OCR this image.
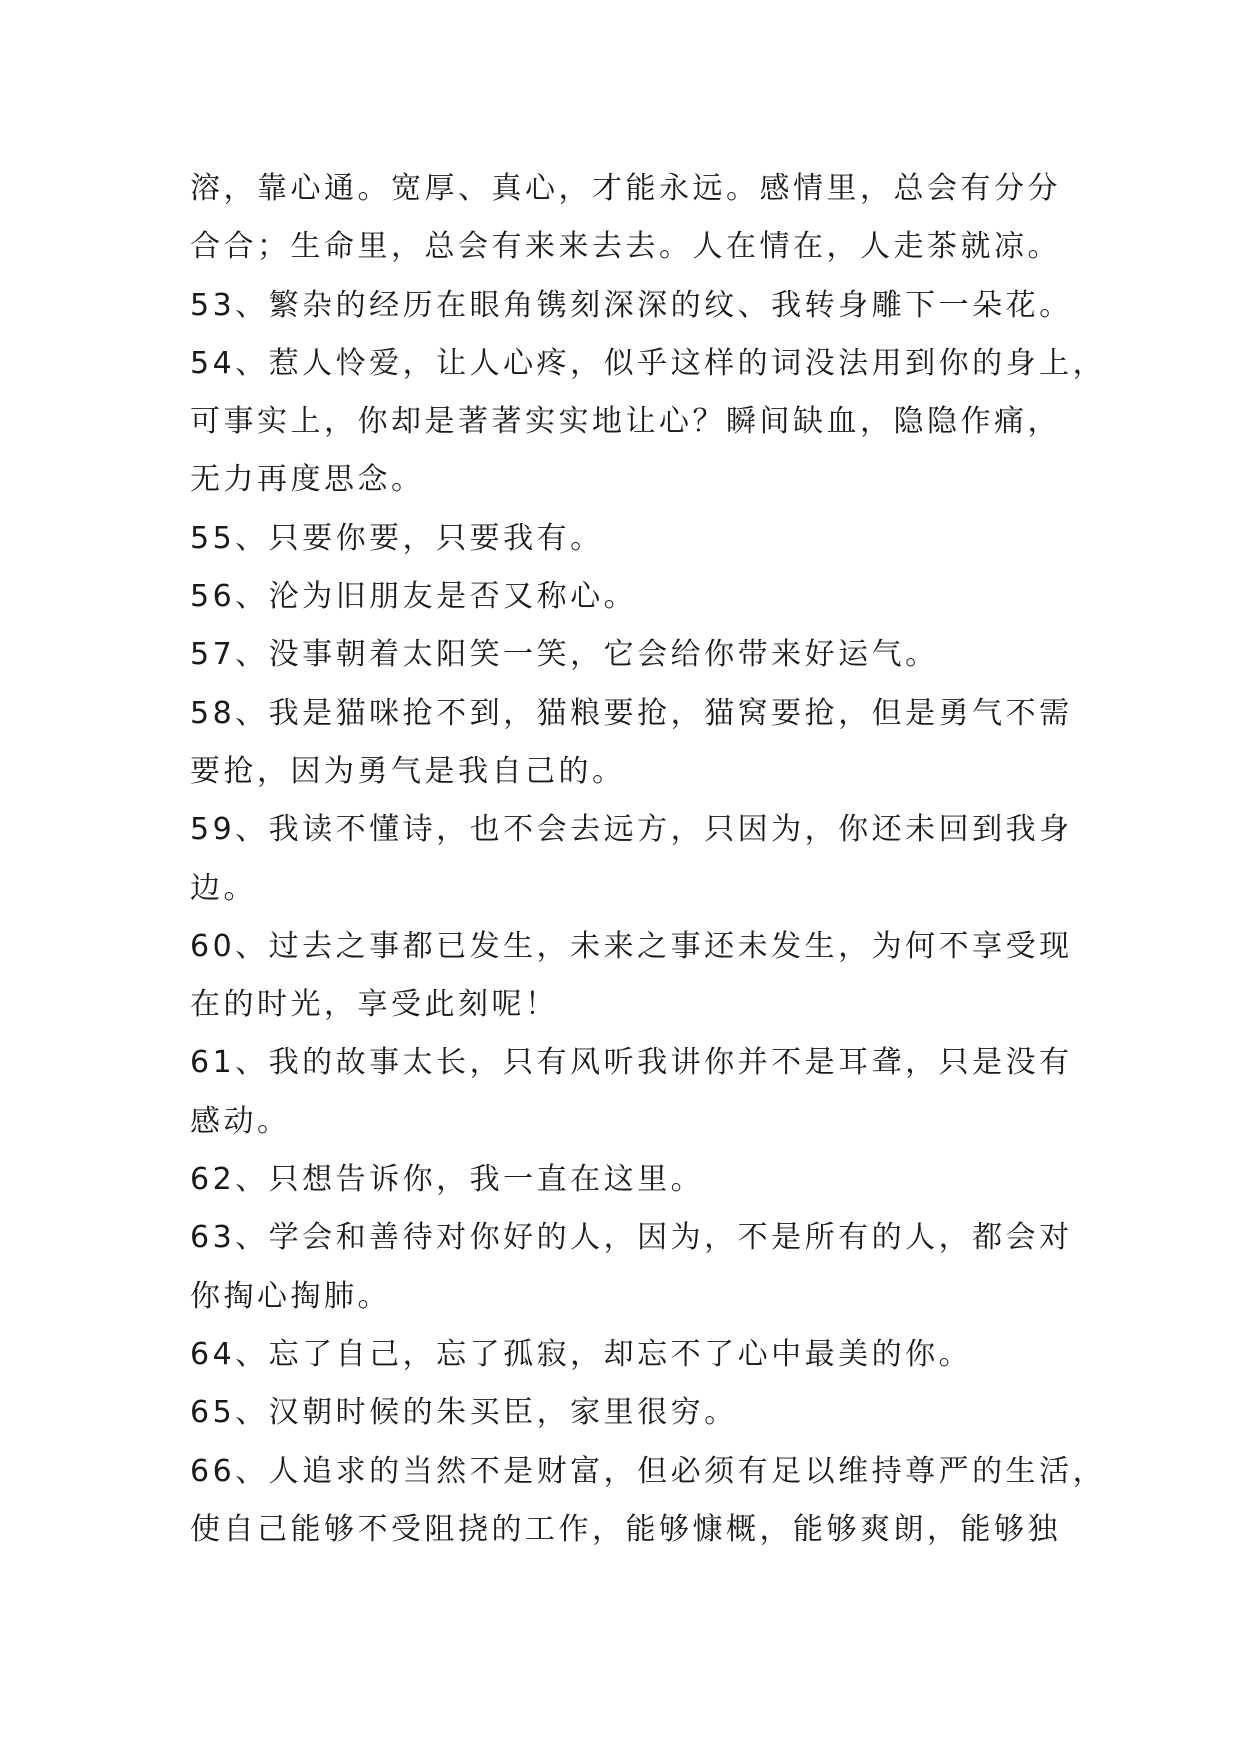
溶，靠心通。宽厚、真心，才能永远。感情里，总会有分分
合合；生命里，总会有来来去去。人在情在，人走茶就凉。
53、繁杂的经历在眼角镌刻深深的纹、我转身雕下一朵花。
54、惹人怜爱，让人心疼，似乎这样的词没法用到你的身上，
可事实上，你却是著著实实地让心？瞬间缺血，隐隐作痛，
无力再度思念。
55、只要你要，只要我有。
56、沦为旧朋友是否又称心。
57、没事朝着太阳笑一笑，它会给你带来好运气。
58、我是猫咪抢不到，猫粮要抢，猫窝要抢，但是勇气不需
要抢，因为勇气是我自己的。
59、我读不懂诗，也不会去远方，只因为，你还未回到我身
边。
60、过去之事都已发生，未来之事还未发生，为何不享受现
在的时光，享受此刻呢！
61、我的故事太长，只有风听我讲你并不是耳聋，只是没有
感动。
62、只想告诉你，我一直在这里。
63、学会和善待对你好的人，因为，不是所有的人，都会对
你掏心掏肺。
64、忘了自己，忘了孤寂，却忘不了心中最美的你。
65、汉朝时候的朱买臣，家里很穷。
66、人追求的当然不是财富，但必须有足以维持尊严的生活，
使自己能够不受阻挠的工作，能够慷概，能够爽朗，能够独
